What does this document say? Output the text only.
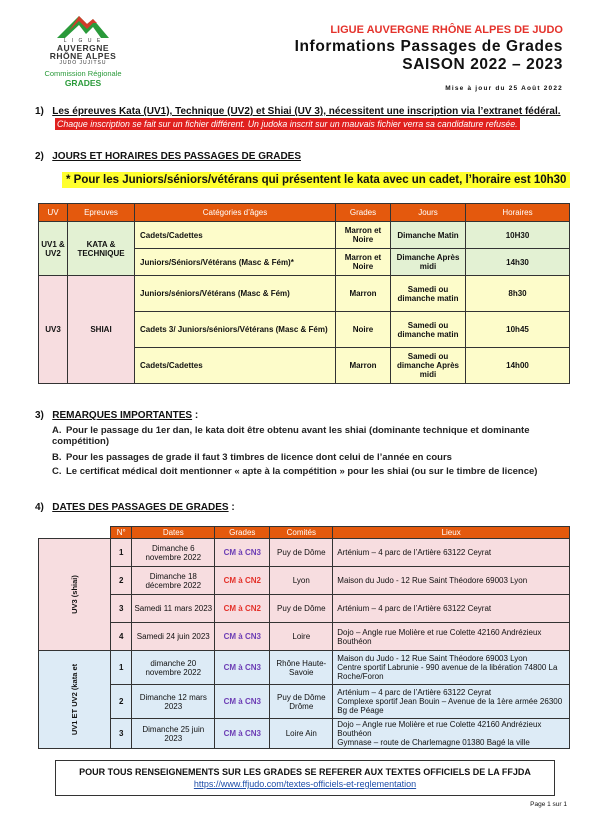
L I G U E
AUVERGNE
RHÔNE ALPES
JUDO JUJITSU
Commission Régionale
GRADES
LIGUE AUVERGNE RHÔNE ALPES DE JUDO
Informations Passages de Grades
SAISON 2022 – 2023
Mise à jour du 25 Août 2022
1) Les épreuves Kata (UV1), Technique (UV2) et Shiai (UV 3), nécessitent une inscription via l’extranet fédéral.
Chaque inscription se fait sur un fichier différent. Un judoka inscrit sur un mauvais fichier verra sa candidature refusée.
2) JOURS ET HORAIRES DES PASSAGES DE GRADES
* Pour les Juniors/séniors/vétérans qui présentent le kata avec un cadet, l’horaire est 10h30
UV	Epreuves	Catégories d’âges	Grades	Jours	Horaires
UV1 & UV2	KATA & TECHNIQUE	Cadets/Cadettes	Marron et Noire	Dimanche Matin	10H30
		Juniors/Séniors/Vétérans (Masc & Fém)*	Marron et Noire	Dimanche Après midi	14h30
UV3	SHIAI	Juniors/séniors/Vétérans (Masc & Fém)	Marron	Samedi ou dimanche matin	8h30
		Cadets 3/ Juniors/séniors/Vétérans (Masc & Fém)	Noire	Samedi ou dimanche matin	10h45
		Cadets/Cadettes	Marron	Samedi ou dimanche Après midi	14h00
3) REMARQUES IMPORTANTES :
A. Pour le passage du 1er dan, le kata doit être obtenu avant les shiai (dominante technique et dominante compétition)
B. Pour les passages de grade il faut 3 timbres de licence dont celui de l’année en cours
C. Le certificat médical doit mentionner « apte à la compétition » pour les shiai (ou sur le timbre de licence)
4) DATES DES PASSAGES DE GRADES :
	N°	Dates	Grades	Comités	Lieux

UV3 (shiai)	1	Dimanche 6 novembre 2022	CM à CN3	Puy de Dôme	Arténium – 4 parc de l’Artière 63122 Ceyrat
	2	Dimanche 18 décembre 2022	CM à CN2	Lyon	Maison du Judo - 12 Rue Saint Théodore 69003 Lyon
	3	Samedi 11 mars 2023	CM à CN2	Puy de Dôme	Arténium – 4 parc de l’Artière 63122 Ceyrat
	4	Samedi 24 juin 2023	CM à CN3	Loire	Dojo – Angle rue Molière et rue Colette 42160 Andrézieux Bouthéon

UV1 ET UV2 (kata et	1	dimanche 20 novembre 2022	CM à CN3	Rhône Haute-Savoie	Maison du Judo - 12 Rue Saint Théodore 69003 Lyon
Centre sportif Labrunie - 990 avenue de la libération 74800 La Roche/Foron

	2	Dimanche 12 mars 2023	CM à CN3	Puy de Dôme Drôme	Arténium – 4 parc de l’Artière 63122 Ceyrat
Complexe sportif Jean Bouin – Avenue de la 1ère armée 26300 Bg de Péage

	3	Dimanche 25 juin 2023	CM à CN3	Loire Ain	Dojo – Angle rue Molière et rue Colette 42160 Andrézieux Bouthéon
Gymnase – route de Charlemagne 01380 Bagé la ville
POUR TOUS RENSEIGNEMENTS SUR LES GRADES SE REFERER AUX TEXTES OFFICIELS DE LA FFJDA
https://www.ffjudo.com/textes-officiels-et-reglementation
Page 1 sur 1
